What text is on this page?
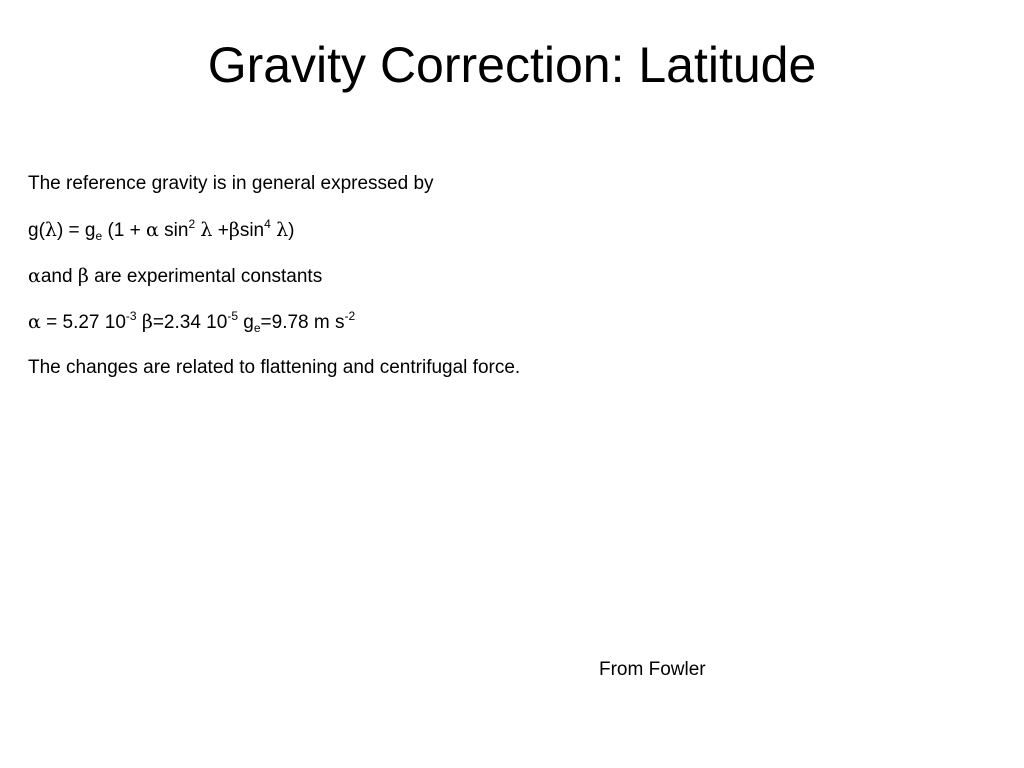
Gravity Correction: Latitude
The reference gravity is in general expressed by
$g(\lambda) = g_e$ (1 + α $\sin^2 \lambda +\beta\sin^4$ λ)
αand β are experimental constants
α = 5.27 $10^{-3}$ β=2.34 $10^{-5}$ $g_e=9.78$ m $s^{-2}$
The changes are related to flattening and centrifugal force.
From Fowler
